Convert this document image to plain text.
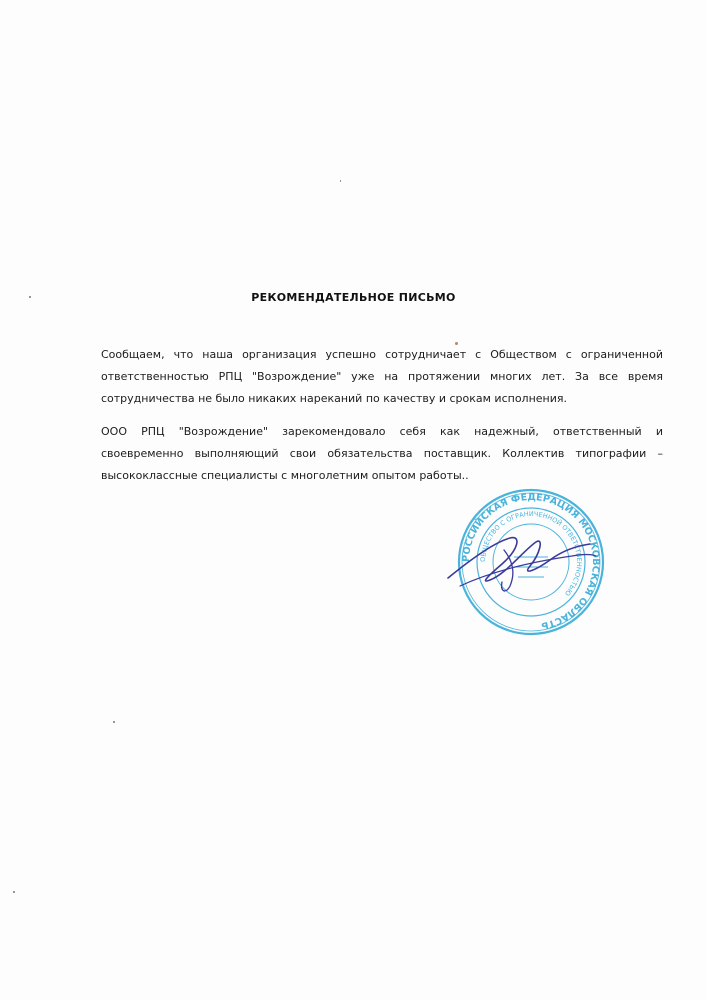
РЕКОМЕНДАТЕЛЬНОЕ ПИСЬМО

Сообщаем, что наша организация успешно сотрудничает с Обществом с ограниченной ответственностью РПЦ "Возрождение" уже на протяжении многих лет. За все время сотрудничества не было никаких нареканий по качеству и срокам исполнения.

ООО РПЦ "Возрождение" зарекомендовало себя как надежный, ответственный и своевременно выполняющий свои обязательства поставщик. Коллектив типографии – высококлассные специалисты с многолетним опытом работы..

РОССИЙСКАЯ ФЕДЕРАЦИЯ МОСКОВСКАЯ ОБЛАСТЬ
ОБЩЕСТВО С ОГРАНИЧЕННОЙ ОТВЕТСТВЕННОСТЬЮ
